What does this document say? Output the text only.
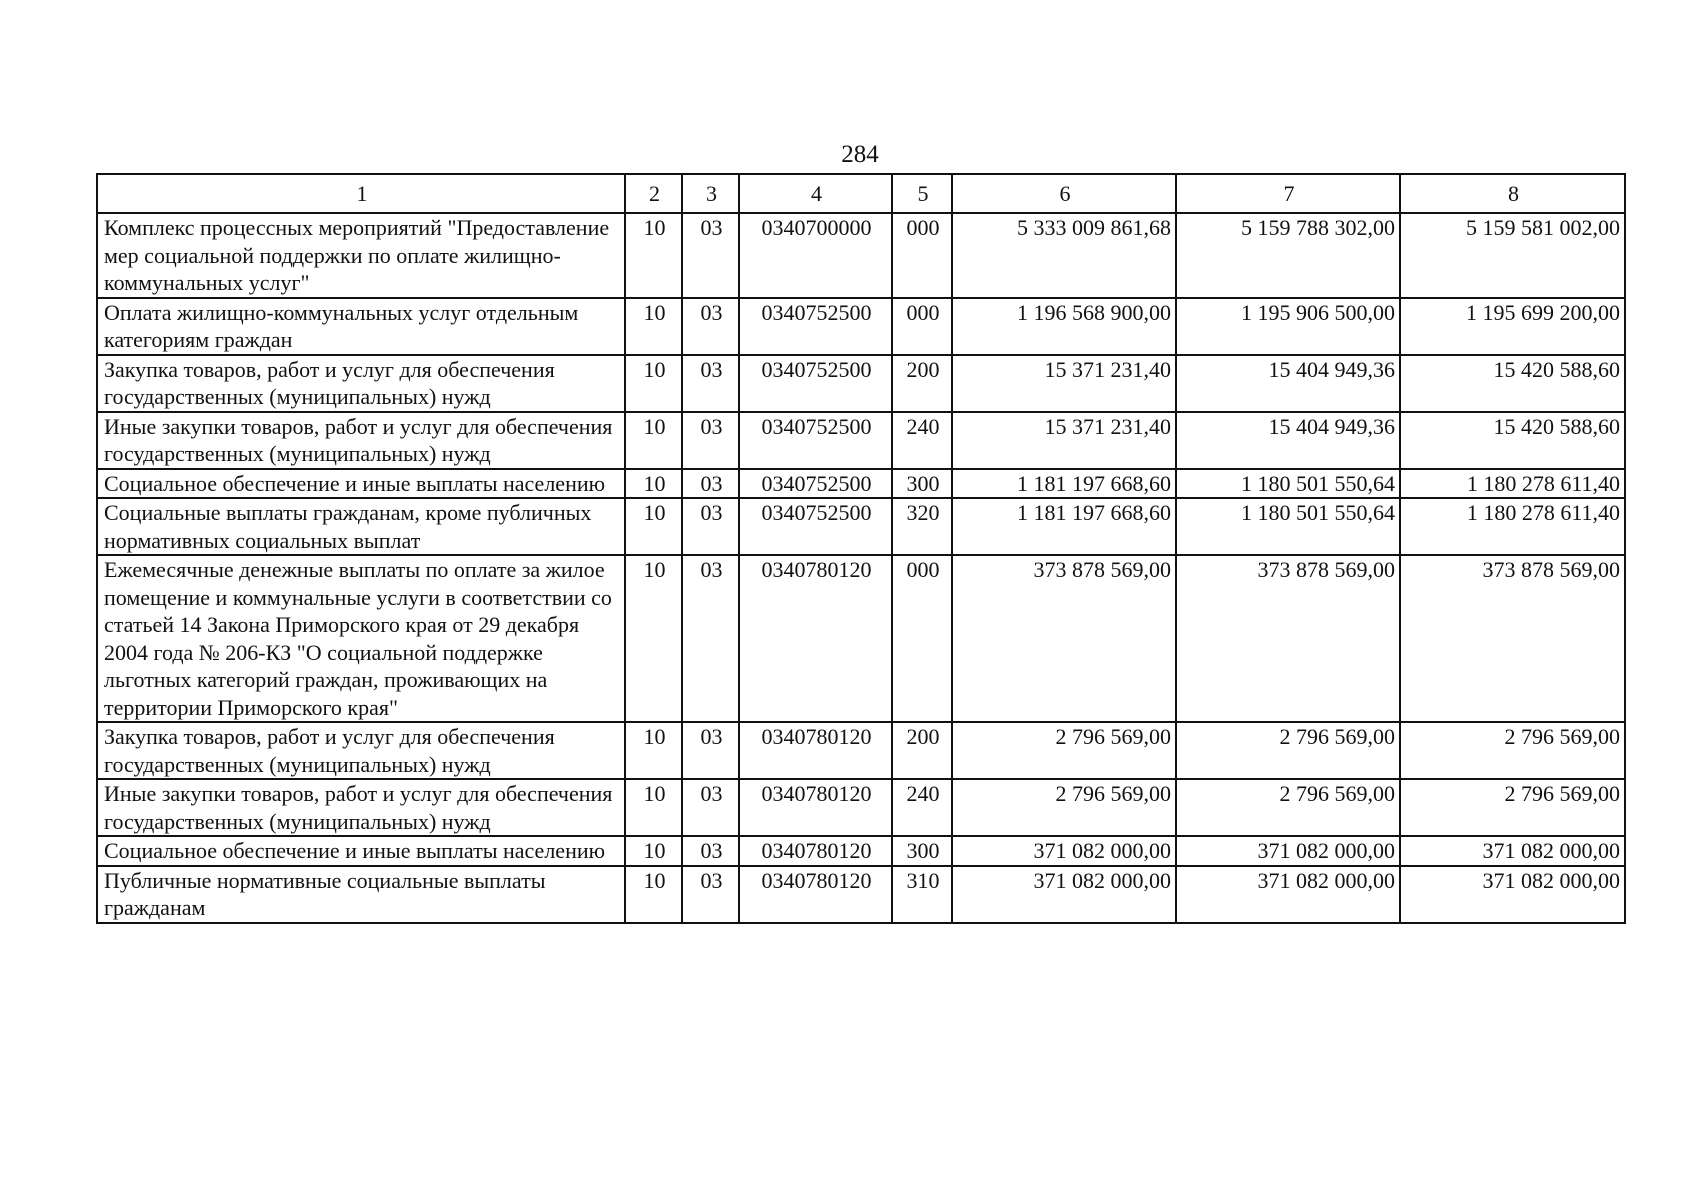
284
1	2	3	4	5	6	7	8
Комплекс процессных мероприятий "Предоставление мер социальной поддержки по оплате жилищно-коммунальных услуг"	10	03	0340700000	000	5 333 009 861,68	5 159 788 302,00	5 159 581 002,00
Оплата жилищно-коммунальных услуг отдельным категориям граждан	10	03	0340752500	000	1 196 568 900,00	1 195 906 500,00	1 195 699 200,00
Закупка товаров, работ и услуг для обеспечения государственных (муниципальных) нужд	10	03	0340752500	200	15 371 231,40	15 404 949,36	15 420 588,60
Иные закупки товаров, работ и услуг для обеспечения государственных (муниципальных) нужд	10	03	0340752500	240	15 371 231,40	15 404 949,36	15 420 588,60
Социальное обеспечение и иные выплаты населению	10	03	0340752500	300	1 181 197 668,60	1 180 501 550,64	1 180 278 611,40
Социальные выплаты гражданам, кроме публичных нормативных социальных выплат	10	03	0340752500	320	1 181 197 668,60	1 180 501 550,64	1 180 278 611,40
Ежемесячные денежные выплаты по оплате за жилое помещение и коммунальные услуги в соответствии со статьей 14 Закона Приморского края от 29 декабря 2004 года № 206-КЗ "О социальной поддержке льготных категорий граждан, проживающих на территории Приморского края"	10	03	0340780120	000	373 878 569,00	373 878 569,00	373 878 569,00
Закупка товаров, работ и услуг для обеспечения государственных (муниципальных) нужд	10	03	0340780120	200	2 796 569,00	2 796 569,00	2 796 569,00
Иные закупки товаров, работ и услуг для обеспечения государственных (муниципальных) нужд	10	03	0340780120	240	2 796 569,00	2 796 569,00	2 796 569,00
Социальное обеспечение и иные выплаты населению	10	03	0340780120	300	371 082 000,00	371 082 000,00	371 082 000,00
Публичные нормативные социальные выплаты гражданам	10	03	0340780120	310	371 082 000,00	371 082 000,00	371 082 000,00
